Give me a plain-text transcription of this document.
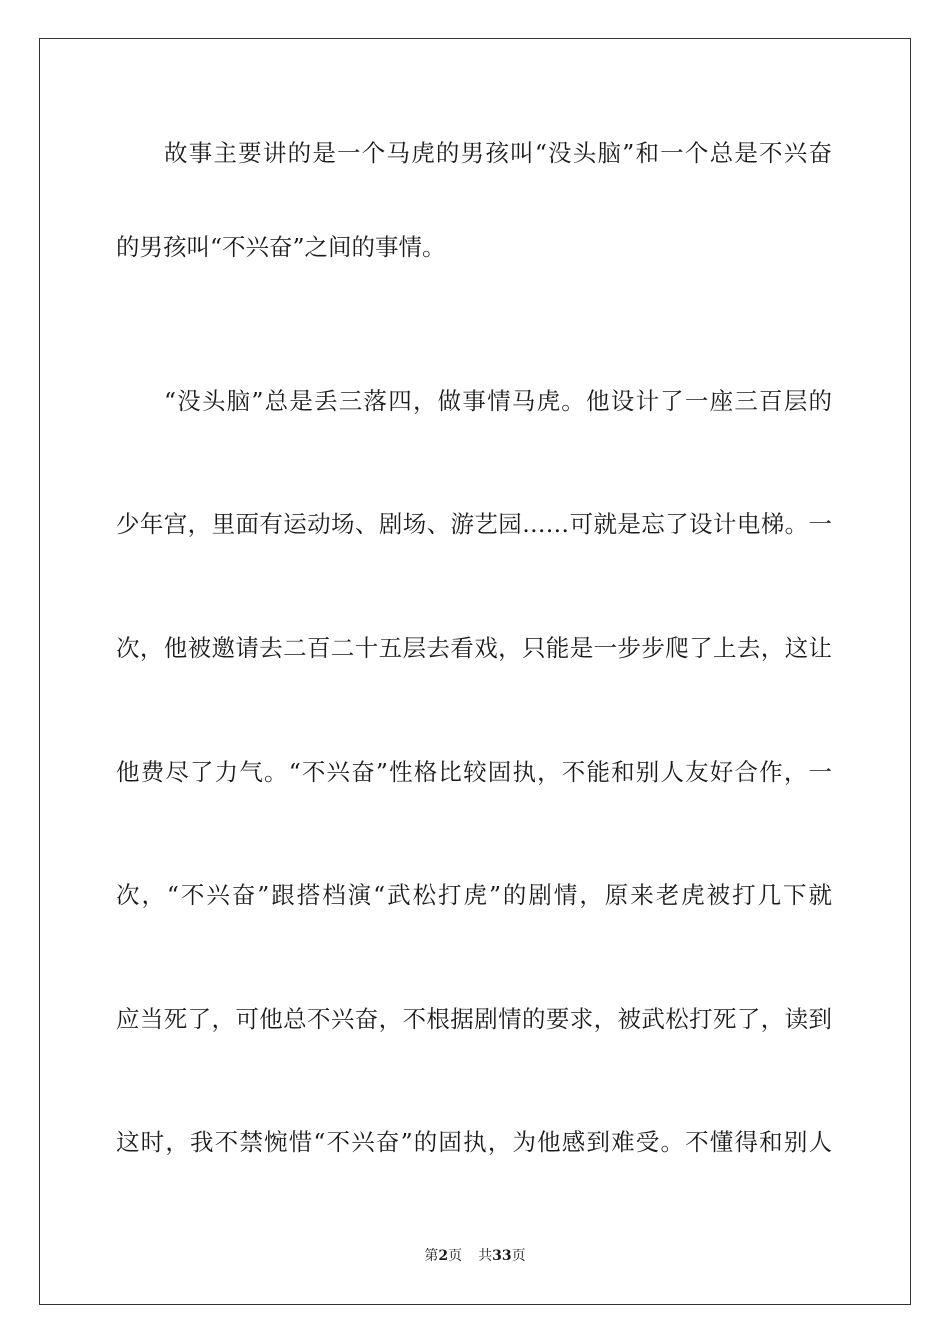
故事主要讲的是一个马虎的男孩叫“没头脑”和一个总是不兴奋
的男孩叫“不兴奋”之间的事情。
“没头脑”总是丢三落四，做事情马虎。他设计了一座三百层的
少年宫，里面有运动场、剧场、游艺园……可就是忘了设计电梯。一
次，他被邀请去二百二十五层去看戏，只能是一步步爬了上去，这让
他费尽了力气。“不兴奋”性格比较固执，不能和别人友好合作，一
次，“不兴奋”跟搭档演“武松打虎”的剧情，原来老虎被打几下就
应当死了，可他总不兴奋，不根据剧情的要求，被武松打死了，读到
这时，我不禁惋惜“不兴奋”的固执，为他感到难受。不懂得和别人
第2页 共33页
